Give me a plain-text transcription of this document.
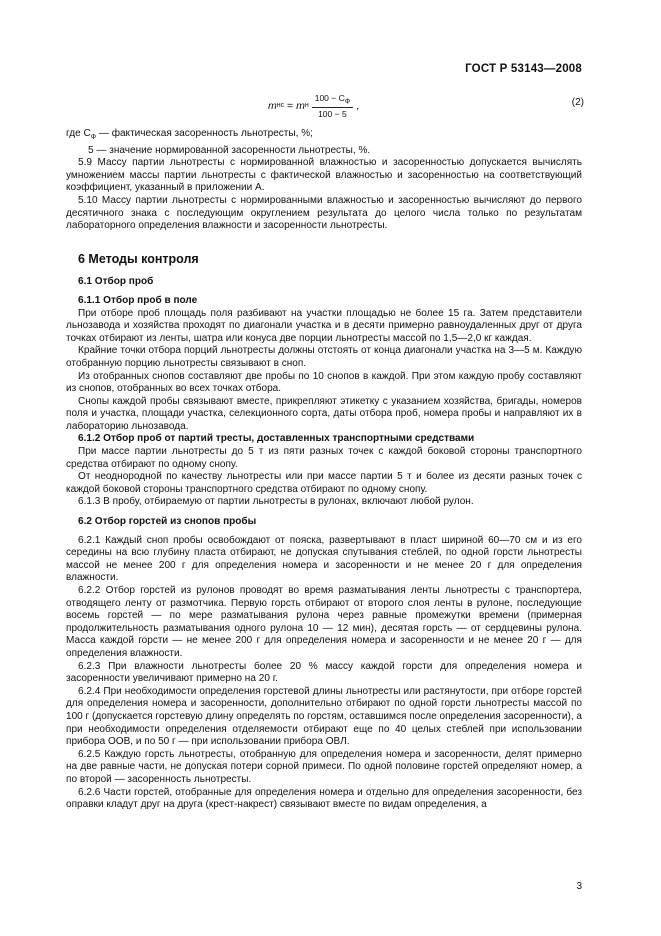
ГОСТ Р 53143—2008
m нс = m н $\frac{100 - C_Ф}{100 - 5}$ ,	(2)
где $C_Ф$ — фактическая засоренность льнотресты, %;
5 — значение нормированной засоренности льнотресты, %.

5.9 Массу партии льнотресты с нормированной влажностью и засоренностью допускается вычислять умножением массы партии льнотресты с фактической влажностью и засоренностью на соответствующий коэффициент, указанный в приложении А.

5.10 Массу партии льнотресты с нормированными влажностью и засоренностью вычисляют до первого десятичного знака с последующим округлением результата до целого числа только по результатам лабораторного определения влажности и засоренности льнотресты.

6 Методы контроля
6.1 Отбор проб
6.1.1 Отбор проб в поле

При отборе проб площадь поля разбивают на участки площадью не более 15 га. Затем представители льнозавода и хозяйства проходят по диагонали участка и в десяти примерно равноудаленных друг от друга точках отбирают из ленты, шатра или конуса две порции льнотресты массой по 1,5—2,0 кг каждая.

Крайние точки отбора порций льнотресты должны отстоять от конца диагонали участка на 3—5 м. Каждую отобранную порцию льнотресты связывают в сноп.

Из отобранных снопов составляют две пробы по 10 снопов в каждой. При этом каждую пробу составляют из снопов, отобранных во всех точках отбора.

Снопы каждой пробы связывают вместе, прикрепляют этикетку с указанием хозяйства, бригады, номеров поля и участка, площади участка, селекционного сорта, даты отбора проб, номера пробы и направляют их в лабораторию льнозавода.

6.1.2 Отбор проб от партий тресты, доставленных транспортными средствами

При массе партии льнотресты до 5 т из пяти разных точек с каждой боковой стороны транспортного средства отбирают по одному снопу.

От неоднородной по качеству льнотресты или при массе партии 5 т и более из десяти разных точек с каждой боковой стороны транспортного средства отбирают по одному снопу.

6.1.3 В пробу, отбираемую от партии льнотресты в рулонах, включают любой рулон.

6.2 Отбор горстей из снопов пробы

6.2.1 Каждый сноп пробы освобождают от пояска, развертывают в пласт шириной 60—70 см и из его середины на всю глубину пласта отбирают, не допуская спутывания стеблей, по одной горсти льнотресты массой не менее 200 г для определения номера и засоренности и не менее 20 г для определения влажности.

6.2.2 Отбор горстей из рулонов проводят во время разматывания ленты льнотресты с транспортера, отводящего ленту от размотчика. Первую горсть отбирают от второго слоя ленты в рулоне, последующие восемь горстей — по мере разматывания рулона через равные промежутки времени (примерная продолжительность разматывания одного рулона 10 — 12 мин), десятая горсть — от сердцевины рулона. Масса каждой горсти — не менее 200 г для определения номера и засоренности и не менее 20 г — для определения влажности.

6.2.3 При влажности льнотресты более 20 % массу каждой горсти для определения номера и засоренности увеличивают примерно на 20 г.

6.2.4 При необходимости определения горстевой длины льнотресты или растянутости, при отборе горстей для определения номера и засоренности, дополнительно отбирают по одной горсти льнотресты массой по 100 г (допускается горстевую длину определять по горстям, оставшимся после определения засоренности), а при необходимости определения отделяемости отбирают еще по 40 целых стеблей при использовании прибора ООВ, и по 50 г — при использовании прибора ОВЛ.

6.2.5 Каждую горсть льнотресты, отобранную для определения номера и засоренности, делят примерно на две равные части, не допуская потери сорной примеси. По одной половине горстей определяют номер, а по второй — засоренность льнотресты.

6.2.6 Части горстей, отобранные для определения номера и отдельно для определения засоренности, без оправки кладут друг на друга (крест-накрест) связывают вместе по видам определения, а

3
